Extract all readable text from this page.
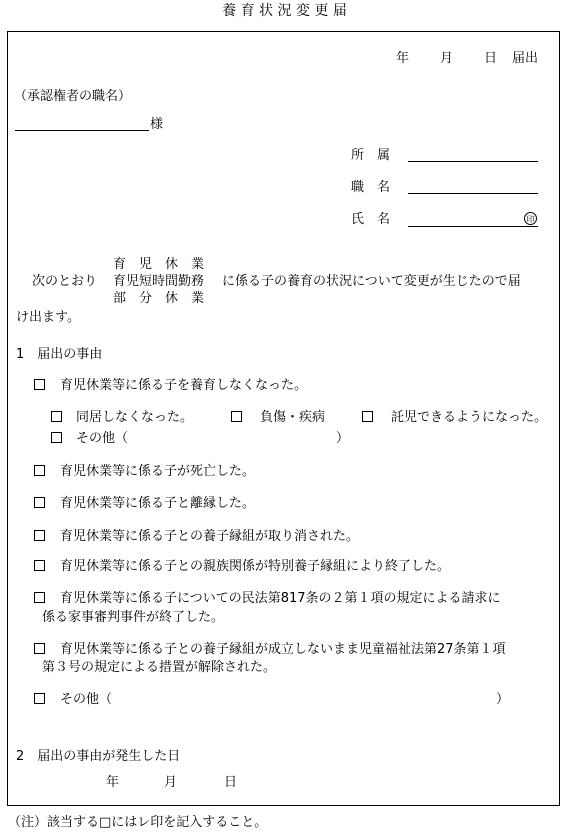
養 育 状 況 変 更 届
年 月 日 届出
（承認権者の職名）
様
所　属
職　名
氏　名	印
育　児　休　業
次のとおり 育児短時間勤務 に係る子の養育の状況について変更が生じたので届
部　分　休　業
け出ます。
1　届出の事由
育児休業等に係る子を養育しなくなった。
同居しなくなった。	負傷・疾病	託児できるようになった。
その他（	）
育児休業等に係る子が死亡した。
育児休業等に係る子と離縁した。
育児休業等に係る子との養子縁組が取り消された。
育児休業等に係る子との親族関係が特別養子縁組により終了した。
育児休業等に係る子についての民法第817条の２第１項の規定による請求に
係る家事審判事件が終了した。
育児休業等に係る子との養子縁組が成立しないまま児童福祉法第27条第１項
第３号の規定による措置が解除された。
その他（	）
2　届出の事由が発生した日
年	月	日
（注）該当する□にはレ印を記入すること。
